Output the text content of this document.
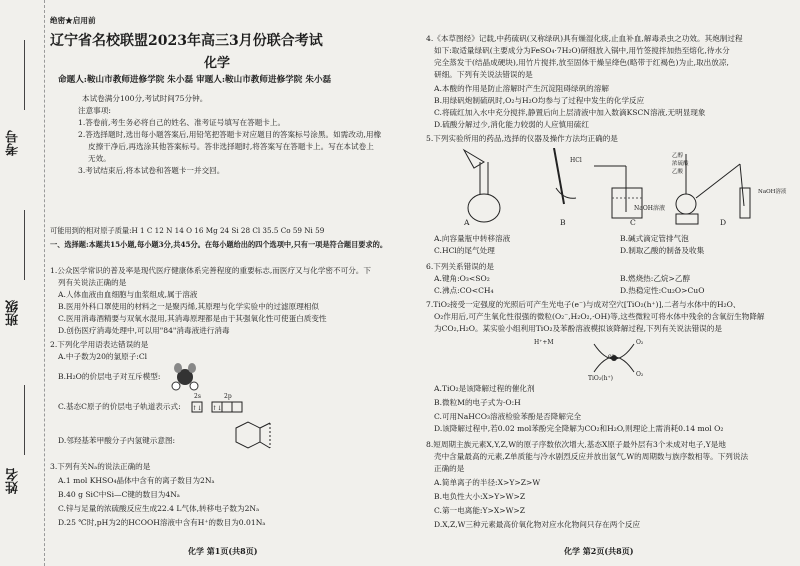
考号
班级
姓名
绝密★启用前
辽宁省名校联盟2023年高三3月份联合考试
化学
命题人:鞍山市教师进修学院 朱小磊 审题人:鞍山市教师进修学院 朱小磊
本试卷满分100分,考试时间75分钟。
注意事项:
1.答卷前,考生务必将自己的姓名、准考证号填写在答题卡上。
2.答选择题时,选出每小题答案后,用铅笔把答题卡对应题目的答案标号涂黑。如需改动,用橡
皮擦干净后,再选涂其他答案标号。答非选择题时,将答案写在答题卡上。写在本试卷上
无效。
3.考试结束后,将本试卷和答题卡一并交回。
可能用到的相对原子质量:H 1 C 12 N 14 O 16 Mg 24 Si 28 Cl 35.5 Co 59 Ni 59
一、选择题:本题共15小题,每小题3分,共45分。在每小题给出的四个选项中,只有一项是符合题目要求的。
1.公众医学常识的普及率是现代医疗健康体系完善程度的重要标志,而医疗又与化学密不可分。下
列有关说法正确的是
A.人体血液由血细胞与血浆组成,属于溶液
B.医用外科口罩使用的材料之一是聚丙烯,其原理与化学实验中的过滤原理相似
C.医用消毒酒精要与双氧水混用,其消毒原理都是由于其强氧化性可使蛋白质变性
D.创伤医疗消毒处理中,可以用"84"消毒液进行消毒
2.下列化学用语表达错误的是
A.中子数为20的氯原子:Cl
B.H₂O的价层电子对互斥模型:
C.基态C原子的价层电子轨道表示式:
2s	2p
↑↓ ↑↓
D.邻羟基苯甲酸分子内氢键示意图:
3.下列有关Nₐ的说法正确的是
A.1 mol KHSO₄晶体中含有的离子数目为2Nₐ
B.40 g SiC中Si—C键的数目为4Nₐ
C.锌与足量的浓硫酸反应生成22.4 L气体,转移电子数为2Nₐ
D.25 ℃时,pH为2的HCOOH溶液中含有H⁺的数目为0.01Nₐ
化学 第1页(共8页)
4.《本草图经》记载,中药硫矾(又称绿矾)具有燥湿化痰,止血补血,解毒杀虫之功效。其炮制过程
如下:取适量绿矾(主要成分为FeSO₄·7H₂O)研细放入锅中,用竹签搅拌加热至熔化,待水分
完全蒸发干(结晶成硬块),用竹片搅拌,放至固体干燥呈绛色(略带于红褐色)为止,取出放凉,
研细。下列有关说法错误的是
A.本酸的作用是防止溶解时产生沉淀阻碍绿矾的溶解
B.用绿矾炮制硫矾时,O₂与H₂O均参与了过程中发生的化学反应
C.将硫红加入水中充分搅拌,静置后向上层清液中加入数滴KSCN溶液,无明显现象
D.硫酸分解过少,消化能力较弱的人应慎用硫红
5.下列实验所用的药品,选择的仪器及操作方法均正确的是
A	B	C	D
HCl
NaOH溶液
乙醇
浓硫酸
乙酸
NaOH溶液
A.向容量瓶中转移溶液
C.HCl的尾气处理
B.碱式滴定管排气泡
D.制取乙酸的制备及收集
6.下列关系错误的是
A.键角:O₃<SO₂
C.沸点:CO<CH₄
B.燃烧热:乙烷>乙醇
D.热稳定性:Cu₂O>CuO
7.TiO₂接受一定强度的光照后可产生光电子(e⁻)与成对空穴[TiO₂(h⁺)],二者与水体中的H₂O、
O₂作用后,可产生氧化性很强的微粒(O₂⁻,H₂O₂,·OH)等,这些微粒可将水体中残余的含氧衍生物降解
为CO₂,H₂O。某实验小组利用TiO₂及苯酚溶液模拟该降解过程,下列有关说法错误的是
H⁺+M	O₂
O₂
TiO₂(h⁺)
e⁻
A.TiO₂是该降解过程的催化剂
B.微粒M的电子式为·O:H
C.可用NaHCO₃溶液检验苯酚是否降解完全
D.该降解过程中,若0.02 mol苯酚完全降解为CO₂和H₂O,则理论上需消耗0.14 mol O₂
8.短周期主族元素X,Y,Z,W的原子序数依次增大,基态X原子最外层有3个未成对电子,Y是地
壳中含量最高的元素,Z单质能与冷水剧烈反应并放出氢气,W的周期数与族序数相等。下列说法
正确的是
A.简单离子的半径:X>Y>Z>W
B.电负性大小:X>Y>W>Z
C.第一电离能:Y>X>W>Z
D.X,Z,W三种元素最高价氧化物对应水化物间只存在两个反应
化学 第2页(共8页)
